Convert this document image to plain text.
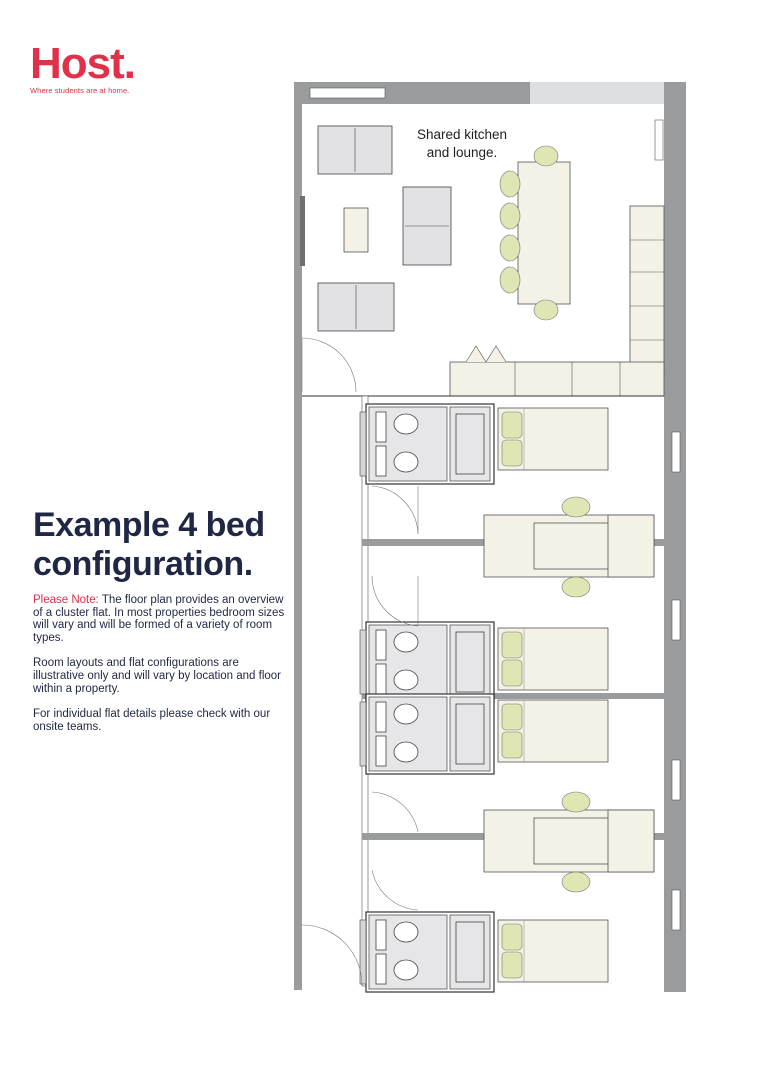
Host.
Where students are at home.
Example 4 bed configuration.

Please Note: The floor plan provides an overview of a cluster flat. In most properties bedroom sizes will vary and will be formed of a variety of room types.

Room layouts and flat configurations are illustrative only and will vary by location and floor within a property.

For individual flat details please check with our onsite teams.

Shared kitchen
and lounge.
